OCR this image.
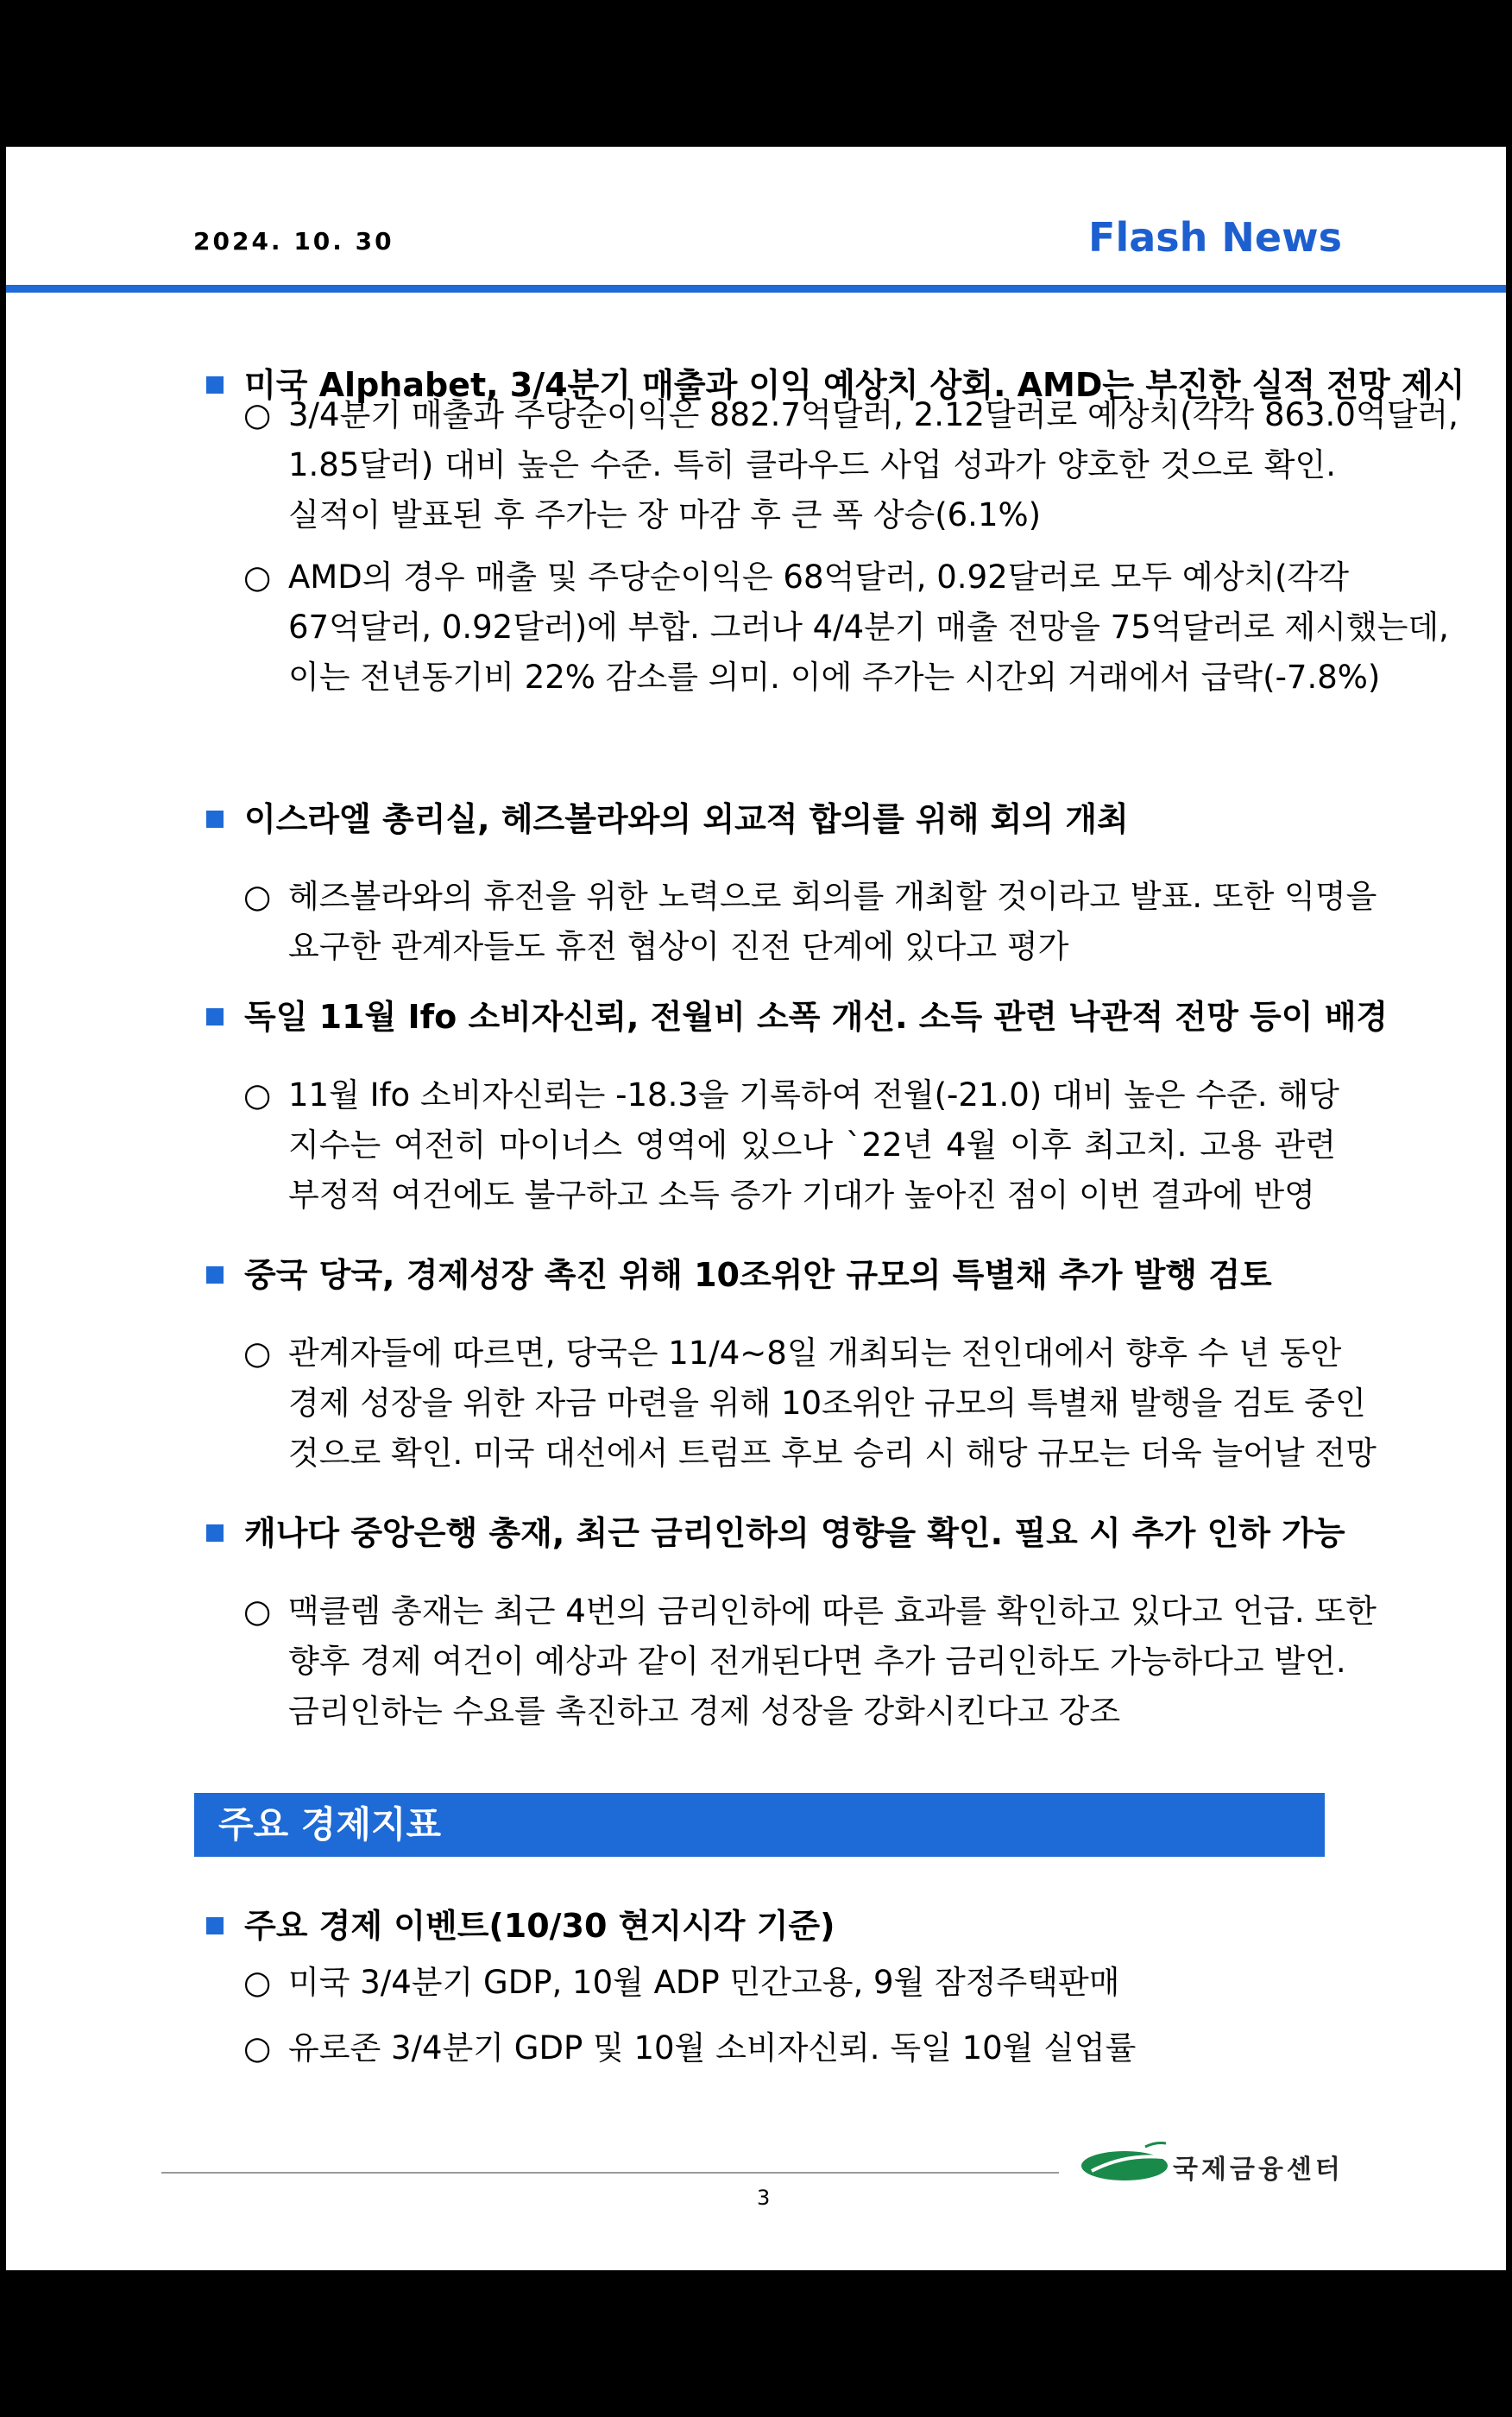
2024. 10. 30	Flash News
미국 Alphabet, 3/4분기 매출과 이익 예상치 상회. AMD는 부진한 실적 전망 제시
○ 3/4분기 매출과 주당순이익은 882.7억달러, 2.12달러로 예상치(각각 863.0억달러,
1.85달러) 대비 높은 수준. 특히 클라우드 사업 성과가 양호한 것으로 확인.
실적이 발표된 후 주가는 장 마감 후 큰 폭 상승(6.1%)
○ AMD의 경우 매출 및 주당순이익은 68억달러, 0.92달러로 모두 예상치(각각
67억달러, 0.92달러)에 부합. 그러나 4/4분기 매출 전망을 75억달러로 제시했는데,
이는 전년동기비 22% 감소를 의미. 이에 주가는 시간외 거래에서 급락(-7.8%)
이스라엘 총리실, 헤즈볼라와의 외교적 합의를 위해 회의 개최
○ 헤즈볼라와의 휴전을 위한 노력으로 회의를 개최할 것이라고 발표. 또한 익명을
요구한 관계자들도 휴전 협상이 진전 단계에 있다고 평가
독일 11월 Ifo 소비자신뢰, 전월비 소폭 개선. 소득 관련 낙관적 전망 등이 배경
○ 11월 Ifo 소비자신뢰는 -18.3을 기록하여 전월(-21.0) 대비 높은 수준. 해당
지수는 여전히 마이너스 영역에 있으나 `22년 4월 이후 최고치. 고용 관련
부정적 여건에도 불구하고 소득 증가 기대가 높아진 점이 이번 결과에 반영
중국 당국, 경제성장 촉진 위해 10조위안 규모의 특별채 추가 발행 검토
○ 관계자들에 따르면, 당국은 11/4~8일 개최되는 전인대에서 향후 수 년 동안
경제 성장을 위한 자금 마련을 위해 10조위안 규모의 특별채 발행을 검토 중인
것으로 확인. 미국 대선에서 트럼프 후보 승리 시 해당 규모는 더욱 늘어날 전망
캐나다 중앙은행 총재, 최근 금리인하의 영향을 확인. 필요 시 추가 인하 가능
○ 맥클렘 총재는 최근 4번의 금리인하에 따른 효과를 확인하고 있다고 언급. 또한
향후 경제 여건이 예상과 같이 전개된다면 추가 금리인하도 가능하다고 발언.
금리인하는 수요를 촉진하고 경제 성장을 강화시킨다고 강조
주요 경제지표
주요 경제 이벤트(10/30 현지시각 기준)
○ 미국 3/4분기 GDP, 10월 ADP 민간고용, 9월 잠정주택판매
○ 유로존 3/4분기 GDP 및 10월 소비자신뢰. 독일 10월 실업률
국제금융센터
3
